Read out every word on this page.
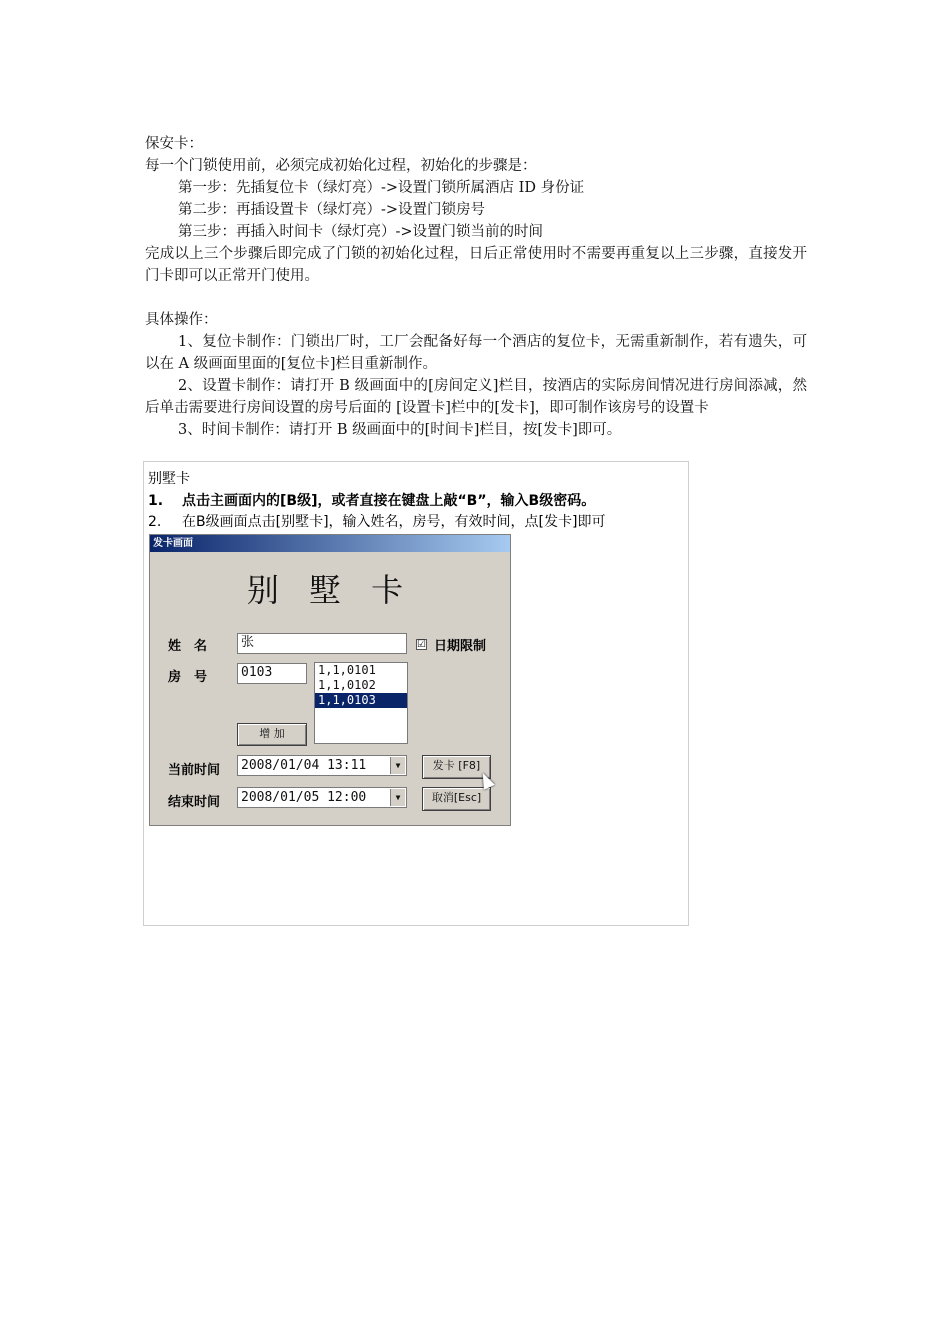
保安卡：

每一个门锁使用前，必须完成初始化过程，初始化的步骤是：

第一步：先插复位卡（绿灯亮）->设置门锁所属酒店 ID 身份证

第二步：再插设置卡（绿灯亮）->设置门锁房号

第三步：再插入时间卡（绿灯亮）->设置门锁当前的时间

完成以上三个步骤后即完成了门锁的初始化过程，日后正常使用时不需要再重复以上三步骤，直接发开门卡即可以正常开门使用。

具体操作：

1、复位卡制作：门锁出厂时，工厂会配备好每一个酒店的复位卡，无需重新制作，若有遗失，可以在 A 级画面里面的[复位卡]栏目重新制作。

2、设置卡制作：请打开 B 级画面中的[房间定义]栏目，按酒店的实际房间情况进行房间添减，然后单击需要进行房间设置的房号后面的 [设置卡]栏中的[发卡]，即可制作该房号的设置卡

3、时间卡制作：请打开 B 级画面中的[时间卡]栏目，按[发卡]即可。

别墅卡
1. 点击主画面内的[B级]，或者直接在键盘上敲“B”，输入B级密码。
2. 在B级画面点击[别墅卡]，输入姓名，房号，有效时间，点[发卡]即可
发卡画面
别 墅 卡
姓　名	张	☑ 日期限制
房　号	0103	1,1,0101
1,1,0102
1,1,0103
增 加
当前时间	2008/01/04 13:11	▼	发卡 [F8]
结束时间	2008/01/05 12:00	▼	取消[Esc]
